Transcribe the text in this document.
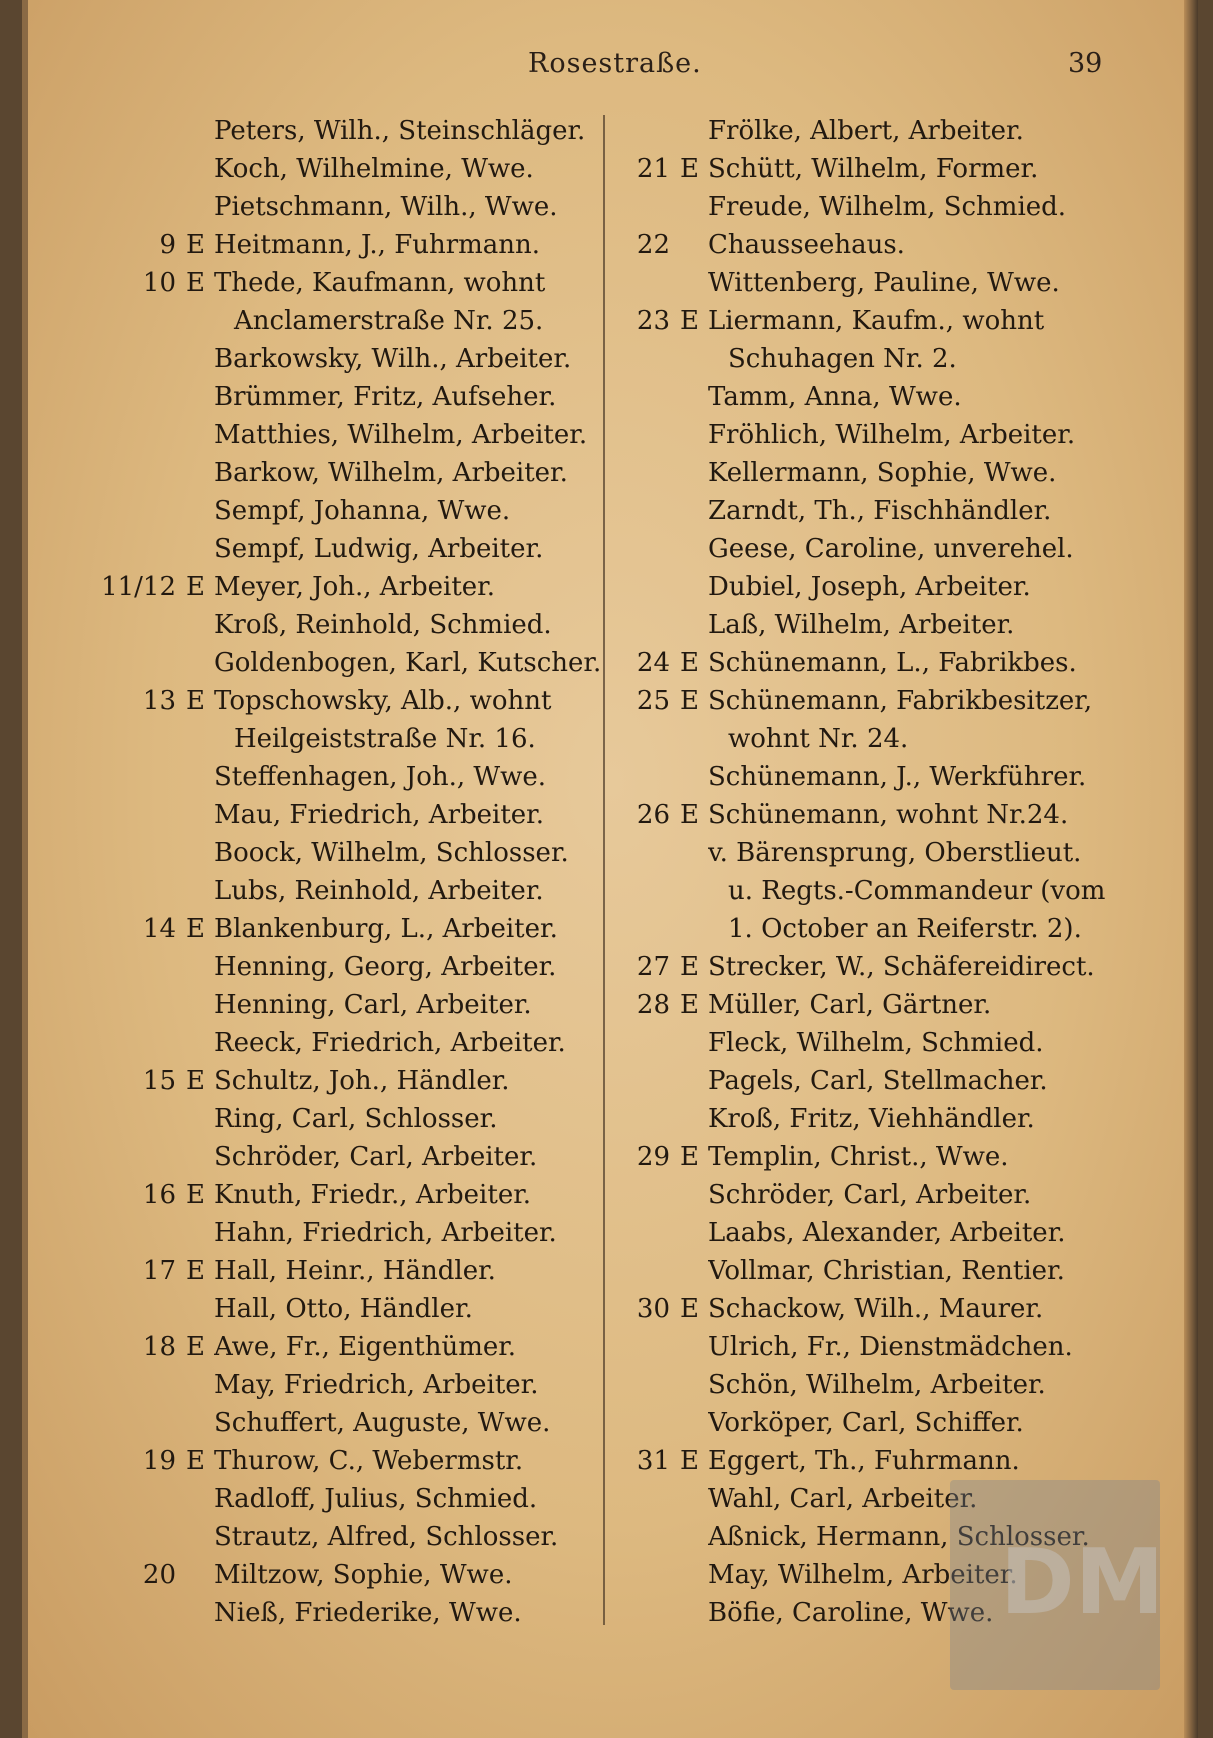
Rosestraße.	39
Peters, Wilh., Steinschläger.
Koch, Wilhelmine, Wwe.
Pietschmann, Wilh., Wwe.
9 E Heitmann, J., Fuhrmann.
10 E Thede, Kaufmann, wohnt
Anclamerstraße Nr. 25.
Barkowsky, Wilh., Arbeiter.
Brümmer, Fritz, Aufseher.
Matthies, Wilhelm, Arbeiter.
Barkow, Wilhelm, Arbeiter.
Sempf, Johanna, Wwe.
Sempf, Ludwig, Arbeiter.
11/12 E Meyer, Joh., Arbeiter.
Kroß, Reinhold, Schmied.
Goldenbogen, Karl, Kutscher.
13 E Topschowsky, Alb., wohnt
Heilgeiststraße Nr. 16.
Steffenhagen, Joh., Wwe.
Mau, Friedrich, Arbeiter.
Boock, Wilhelm, Schlosser.
Lubs, Reinhold, Arbeiter.
14 E Blankenburg, L., Arbeiter.
Henning, Georg, Arbeiter.
Henning, Carl, Arbeiter.
Reeck, Friedrich, Arbeiter.
15 E Schultz, Joh., Händler.
Ring, Carl, Schlosser.
Schröder, Carl, Arbeiter.
16 E Knuth, Friedr., Arbeiter.
Hahn, Friedrich, Arbeiter.
17 E Hall, Heinr., Händler.
Hall, Otto, Händler.
18 E Awe, Fr., Eigenthümer.
May, Friedrich, Arbeiter.
Schuffert, Auguste, Wwe.
19 E Thurow, C., Webermstr.
Radloff, Julius, Schmied.
Strautz, Alfred, Schlosser.
20	Miltzow, Sophie, Wwe.
Nieß, Friederike, Wwe.
Frölke, Albert, Arbeiter.
21 E Schütt, Wilhelm, Former.
Freude, Wilhelm, Schmied.
22	Chausseehaus.
Wittenberg, Pauline, Wwe.
23 E Liermann, Kaufm., wohnt
Schuhagen Nr. 2.
Tamm, Anna, Wwe.
Fröhlich, Wilhelm, Arbeiter.
Kellermann, Sophie, Wwe.
Zarndt, Th., Fischhändler.
Geese, Caroline, unverehel.
Dubiel, Joseph, Arbeiter.
Laß, Wilhelm, Arbeiter.
24 E Schünemann, L., Fabrikbes.
25 E Schünemann, Fabrikbesitzer,
wohnt Nr. 24.
Schünemann, J., Werkführer.
26 E Schünemann, wohnt Nr.24.
v. Bärensprung, Oberstlieut.
u. Regts.-Commandeur (vom
1. October an Reiferstr. 2).
27 E Strecker, W., Schäfereidirect.
28 E Müller, Carl, Gärtner.
Fleck, Wilhelm, Schmied.
Pagels, Carl, Stellmacher.
Kroß, Fritz, Viehhändler.
29 E Templin, Christ., Wwe.
Schröder, Carl, Arbeiter.
Laabs, Alexander, Arbeiter.
Vollmar, Christian, Rentier.
30 E Schackow, Wilh., Maurer.
Ulrich, Fr., Dienstmädchen.
Schön, Wilhelm, Arbeiter.
Vorköper, Carl, Schiffer.
31 E Eggert, Th., Fuhrmann.
Wahl, Carl, Arbeiter.
Aßnick, Hermann, Schlosser.
May, Wilhelm, Arbeiter.
Böfie, Caroline, Wwe. DM
